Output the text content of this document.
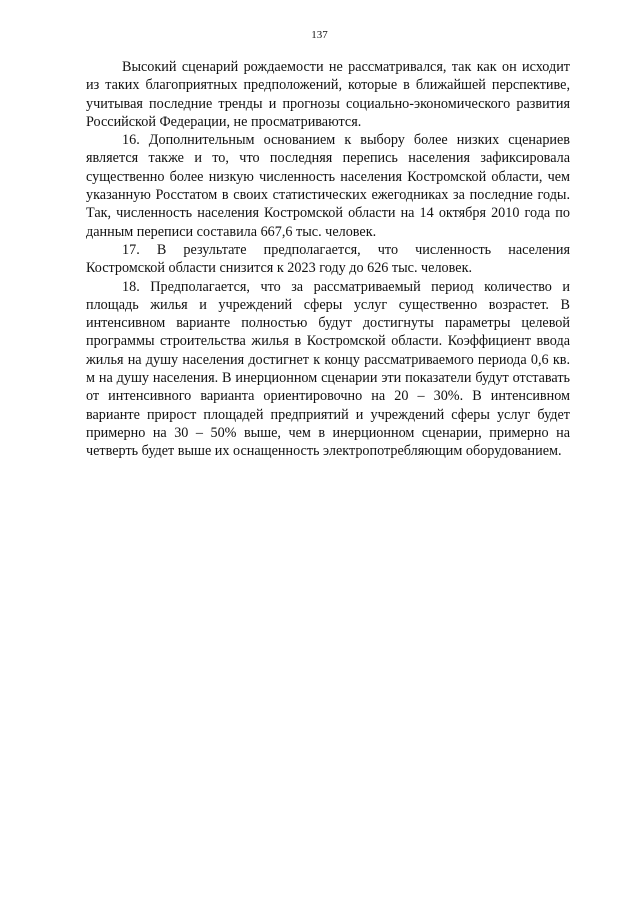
137

Высокий сценарий рождаемости не рассматривался, так как он исходит из таких благоприятных предположений, которые в ближайшей перспективе, учитывая последние тренды и прогнозы социально-экономического развития Российской Федерации, не просматриваются.

16. Дополнительным основанием к выбору более низких сценариев является также и то, что последняя перепись населения зафиксировала существенно более низкую численность населения Костромской области, чем указанную Росстатом в своих статистических ежегодниках за последние годы. Так, численность населения Костромской области на 14 октября 2010 года по данным переписи составила 667,6 тыс. человек.

17. В результате предполагается, что численность населения Костромской области снизится к 2023 году до 626 тыс. человек.

18. Предполагается, что за рассматриваемый период количество и площадь жилья и учреждений сферы услуг существенно возрастет. В интенсивном варианте полностью будут достигнуты параметры целевой программы строительства жилья в Костромской области. Коэффициент ввода жилья на душу населения достигнет к концу рассматриваемого периода 0,6 кв. м на душу населения. В инерционном сценарии эти показатели будут отставать от интенсивного варианта ориентировочно на 20 – 30%. В интенсивном варианте прирост площадей предприятий и учреждений сферы услуг будет примерно на 30 – 50% выше, чем в инерционном сценарии, примерно на четверть будет выше их оснащенность электропотребляющим оборудованием.
